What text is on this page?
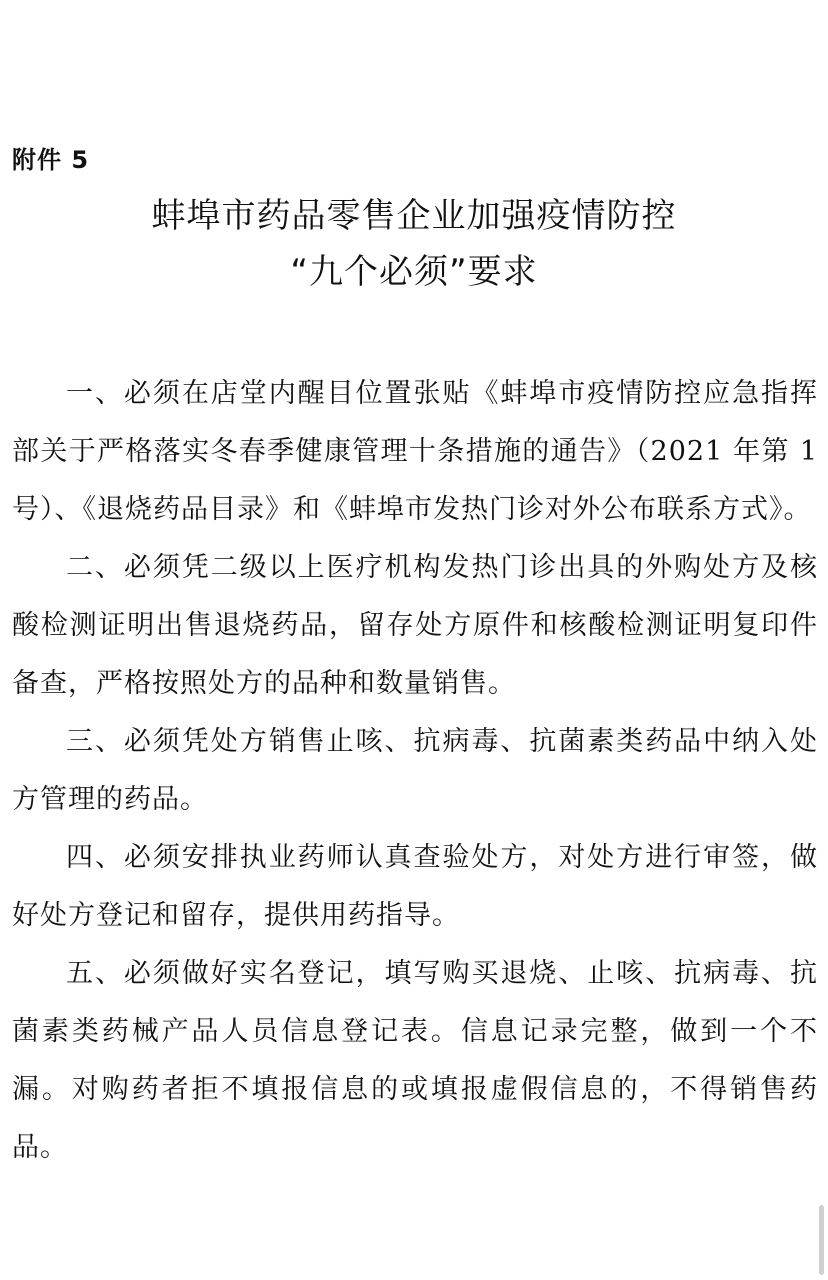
附件 5

蚌埠市药品零售企业加强疫情防控
“九个必须”要求

一、必须在店堂内醒目位置张贴《蚌埠市疫情防控应急指挥部关于严格落实冬春季健康管理十条措施的通告》（2021 年第 1 号）、《退烧药品目录》和《蚌埠市发热门诊对外公布联系方式》。

二、必须凭二级以上医疗机构发热门诊出具的外购处方及核酸检测证明出售退烧药品，留存处方原件和核酸检测证明复印件备查，严格按照处方的品种和数量销售。

三、必须凭处方销售止咳、抗病毒、抗菌素类药品中纳入处方管理的药品。

四、必须安排执业药师认真查验处方，对处方进行审签，做好处方登记和留存，提供用药指导。

五、必须做好实名登记，填写购买退烧、止咳、抗病毒、抗菌素类药械产品人员信息登记表。信息记录完整，做到一个不漏。对购药者拒不填报信息的或填报虚假信息的，不得销售药品。
